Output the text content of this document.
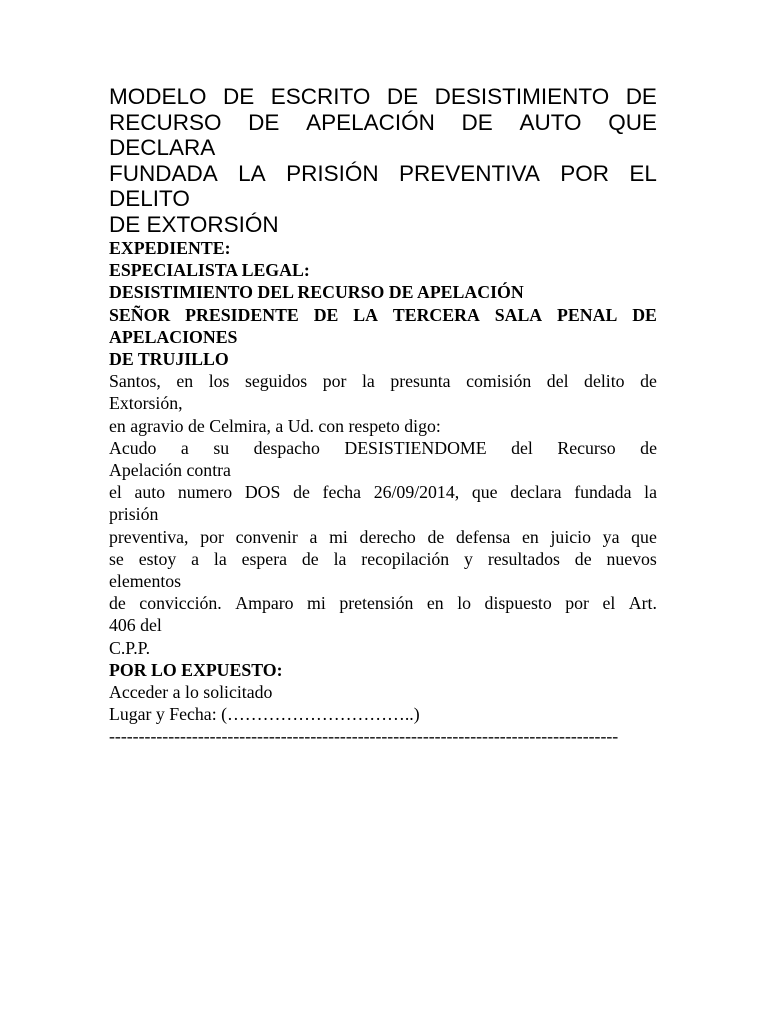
MODELO DE ESCRITO DE DESISTIMIENTO DE
RECURSO DE APELACIÓN DE AUTO QUE
DECLARA
FUNDADA LA PRISIÓN PREVENTIVA POR EL
DELITO
DE EXTORSIÓN
EXPEDIENTE:
ESPECIALISTA LEGAL:
DESISTIMIENTO DEL RECURSO DE APELACIÓN
SEÑOR PRESIDENTE DE LA TERCERA SALA PENAL DE
APELACIONES
DE TRUJILLO
Santos, en los seguidos por la presunta comisión del delito de
Extorsión,
en agravio de Celmira, a Ud. con respeto digo:
Acudo a su despacho DESISTIENDOME del Recurso de
Apelación contra
el auto numero DOS de fecha 26/09/2014, que declara fundada la
prisión
preventiva, por convenir a mi derecho de defensa en juicio ya que
se estoy a la espera de la recopilación y resultados de nuevos
elementos
de convicción. Amparo mi pretensión en lo dispuesto por el Art.
406 del
C.P.P.
POR LO EXPUESTO:
Acceder a lo solicitado
Lugar y Fecha: (…………………………..)
--------------------------------------------------------------------------------------
